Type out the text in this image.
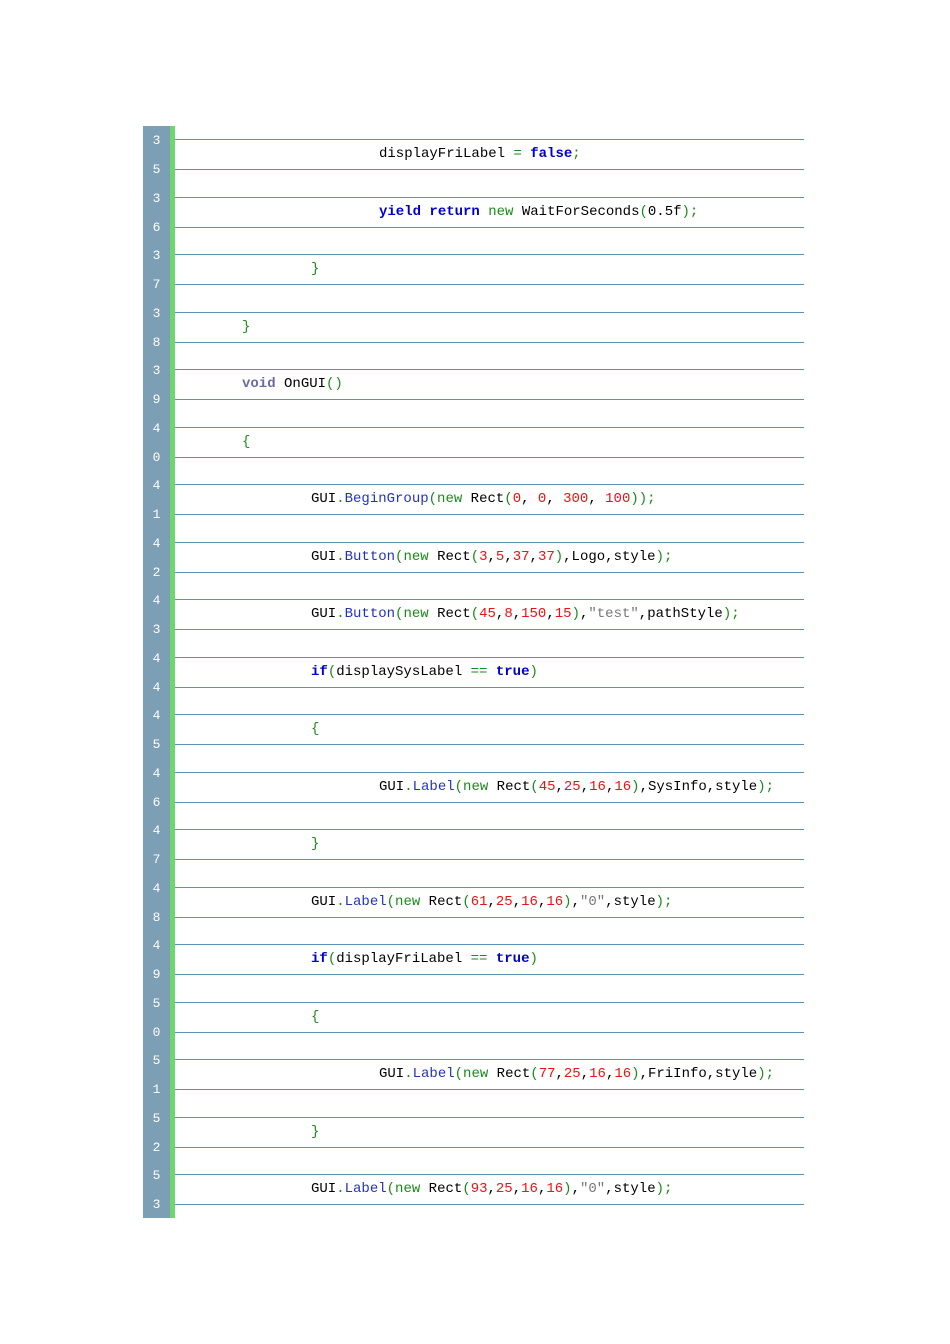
3
5
displayFriLabel = false;
3
6
yield return new WaitForSeconds(0.5f);
3
7
}
3
8
}
3
9
void OnGUI()
4
0
{
4
1
GUI.BeginGroup(new Rect(0, 0, 300, 100));
4
2
GUI.Button(new Rect(3,5,37,37),Logo,style);
4
3
GUI.Button(new Rect(45,8,150,15),"test",pathStyle);
4
4
if(displaySysLabel == true)
4
5
{
4
6
GUI.Label(new Rect(45,25,16,16),SysInfo,style);
4
7
}
4
8
GUI.Label(new Rect(61,25,16,16),"0",style);
4
9
if(displayFriLabel == true)
5
0
{
5
1
GUI.Label(new Rect(77,25,16,16),FriInfo,style);
5
2
}
5
3
GUI.Label(new Rect(93,25,16,16),"0",style);
